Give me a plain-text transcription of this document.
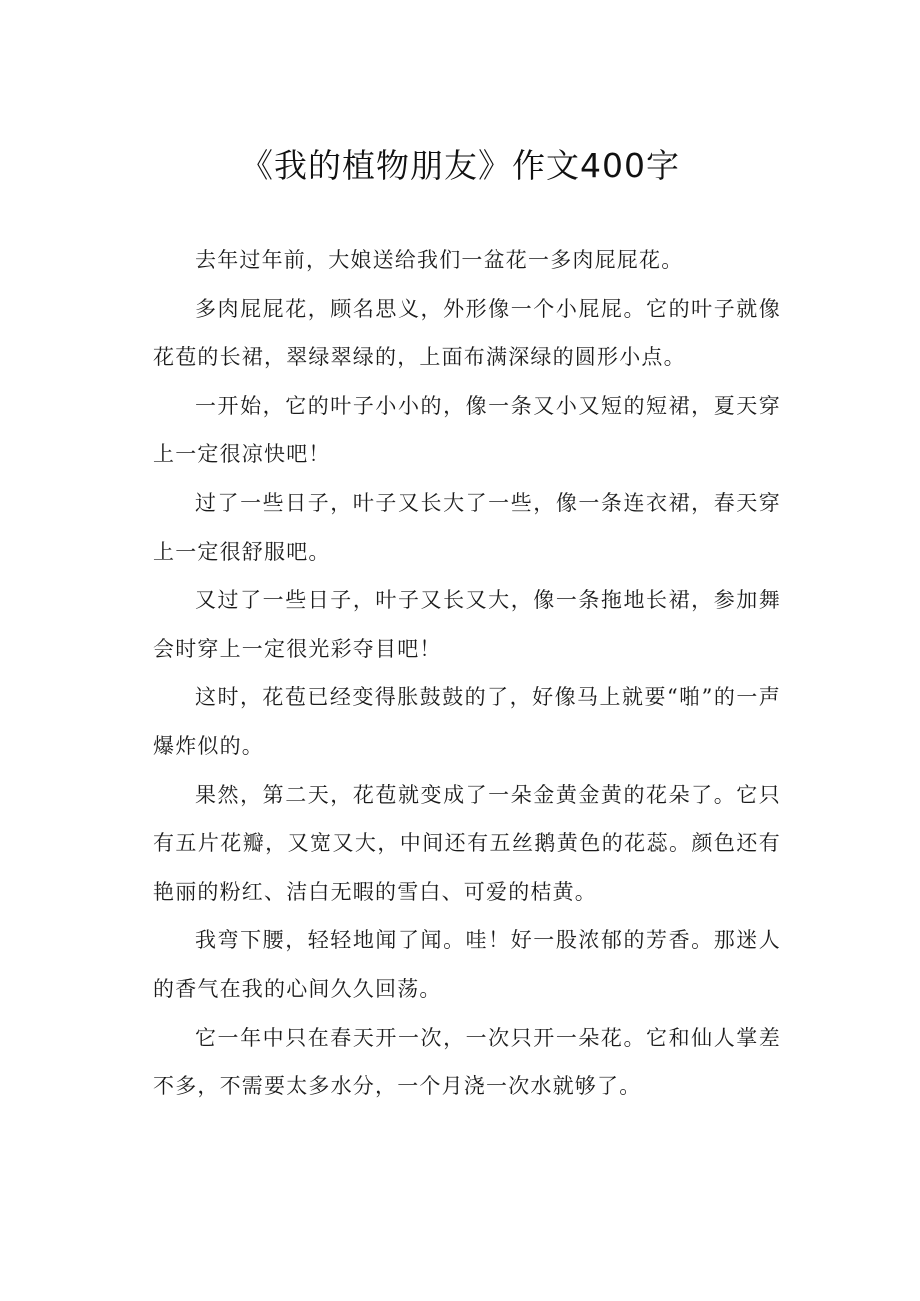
《我的植物朋友》作文400字

去年过年前，大娘送给我们一盆花一多肉屁屁花。

多肉屁屁花，顾名思义，外形像一个小屁屁。它的叶子就像花苞的长裙，翠绿翠绿的，上面布满深绿的圆形小点。

一开始，它的叶子小小的，像一条又小又短的短裙，夏天穿上一定很凉快吧！

过了一些日子，叶子又长大了一些，像一条连衣裙，春天穿上一定很舒服吧。

又过了一些日子，叶子又长又大，像一条拖地长裙，参加舞会时穿上一定很光彩夺目吧！

这时，花苞已经变得胀鼓鼓的了，好像马上就要“啪”的一声爆炸似的。

果然，第二天，花苞就变成了一朵金黄金黄的花朵了。它只有五片花瓣，又宽又大，中间还有五丝鹅黄色的花蕊。颜色还有艳丽的粉红、洁白无暇的雪白、可爱的桔黄。

我弯下腰，轻轻地闻了闻。哇！好一股浓郁的芳香。那迷人的香气在我的心间久久回荡。

它一年中只在春天开一次，一次只开一朵花。它和仙人掌差不多，不需要太多水分，一个月浇一次水就够了。
